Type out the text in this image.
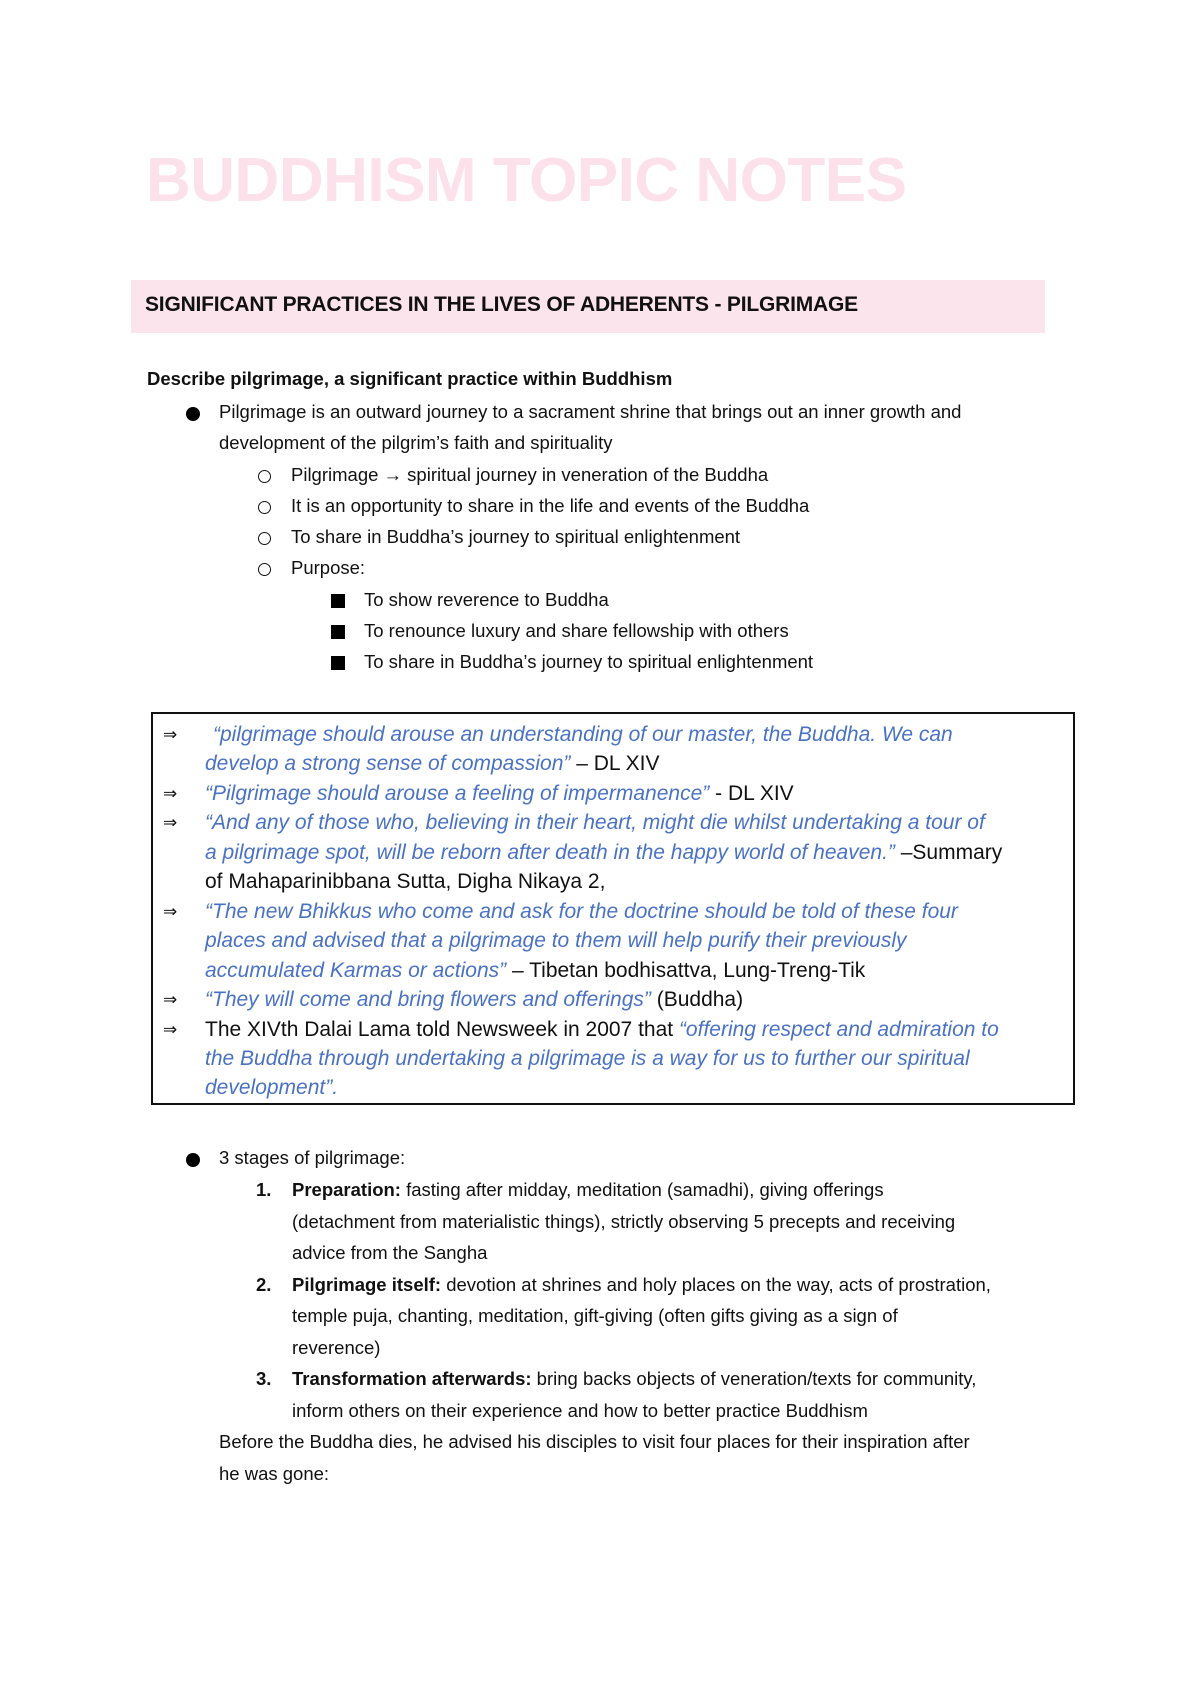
BUDDHISM TOPIC NOTES
SIGNIFICANT PRACTICES IN THE LIVES OF ADHERENTS - PILGRIMAGE
Describe pilgrimage, a significant practice within Buddhism
Pilgrimage is an outward journey to a sacrament shrine that brings out an inner growth and
development of the pilgrim’s faith and spirituality
Pilgrimage → spiritual journey in veneration of the Buddha
It is an opportunity to share in the life and events of the Buddha
To share in Buddha’s journey to spiritual enlightenment
Purpose:
To show reverence to Buddha
To renounce luxury and share fellowship with others
To share in Buddha’s journey to spiritual enlightenment
⇒ “pilgrimage should arouse an understanding of our master, the Buddha. We can
develop a strong sense of compassion” – DL XIV
⇒ “Pilgrimage should arouse a feeling of impermanence” - DL XIV
⇒ “And any of those who, believing in their heart, might die whilst undertaking a tour of
a pilgrimage spot, will be reborn after death in the happy world of heaven.” –Summary
of Mahaparinibbana Sutta, Digha Nikaya 2,
⇒ “The new Bhikkus who come and ask for the doctrine should be told of these four
places and advised that a pilgrimage to them will help purify their previously
accumulated Karmas or actions” – Tibetan bodhisattva, Lung-Treng-Tik
⇒ “They will come and bring flowers and offerings” (Buddha)
⇒ The XIVth Dalai Lama told Newsweek in 2007 that “offering respect and admiration to
the Buddha through undertaking a pilgrimage is a way for us to further our spiritual
development”.
3 stages of pilgrimage:
1. Preparation: fasting after midday, meditation (samadhi), giving offerings
(detachment from materialistic things), strictly observing 5 precepts and receiving
advice from the Sangha
2. Pilgrimage itself: devotion at shrines and holy places on the way, acts of prostration,
temple puja, chanting, meditation, gift-giving (often gifts giving as a sign of
reverence)
3. Transformation afterwards: bring backs objects of veneration/texts for community,
inform others on their experience and how to better practice Buddhism
Before the Buddha dies, he advised his disciples to visit four places for their inspiration after
he was gone:
